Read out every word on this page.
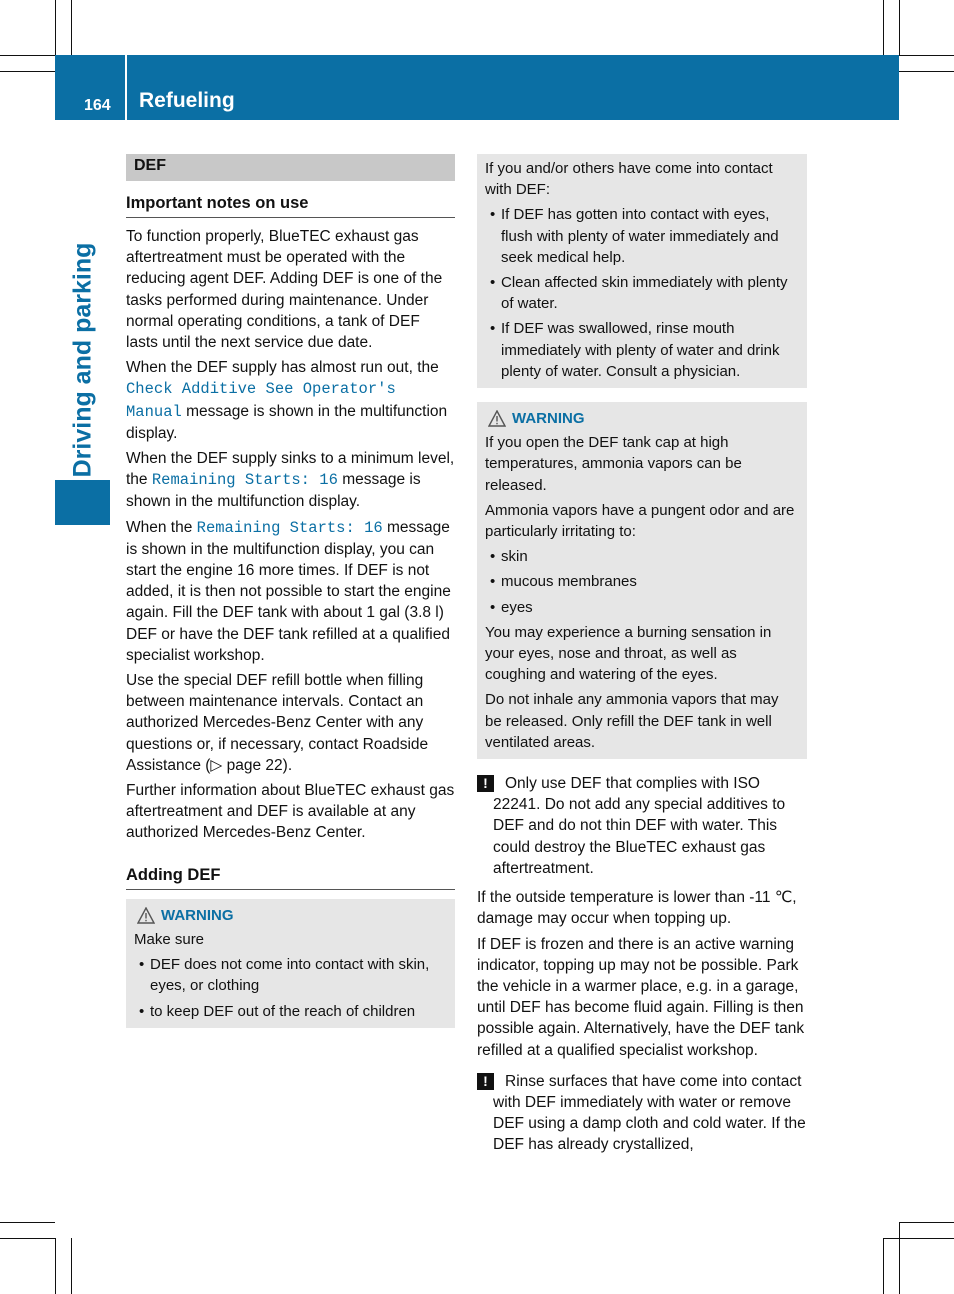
164 Refueling
Driving and parking
DEF
Important notes on use
To function properly, BlueTEC exhaust gas aftertreatment must be operated with the reducing agent DEF. Adding DEF is one of the tasks performed during maintenance. Under normal operating conditions, a tank of DEF lasts until the next service due date.
When the DEF supply has almost run out, the Check Additive See Operator's Manual message is shown in the multifunction display.
When the DEF supply sinks to a minimum level, the Remaining Starts: 16 message is shown in the multifunction display.
When the Remaining Starts: 16 message is shown in the multifunction display, you can start the engine 16 more times. If DEF is not added, it is then not possible to start the engine again. Fill the DEF tank with about 1 gal (3.8 l) DEF or have the DEF tank refilled at a qualified specialist workshop.
Use the special DEF refill bottle when filling between maintenance intervals. Contact an authorized Mercedes-Benz Center with any questions or, if necessary, contact Roadside Assistance (▷ page 22).
Further information about BlueTEC exhaust gas aftertreatment and DEF is available at any authorized Mercedes-Benz Center.
Adding DEF
WARNING
Make sure
• DEF does not come into contact with skin, eyes, or clothing
• to keep DEF out of the reach of children
If you and/or others have come into contact with DEF:
• If DEF has gotten into contact with eyes, flush with plenty of water immediately and seek medical help.
• Clean affected skin immediately with plenty of water.
• If DEF was swallowed, rinse mouth immediately with plenty of water and drink plenty of water. Consult a physician.
WARNING
If you open the DEF tank cap at high temperatures, ammonia vapors can be released.
Ammonia vapors have a pungent odor and are particularly irritating to:
• skin
• mucous membranes
• eyes
You may experience a burning sensation in your eyes, nose and throat, as well as coughing and watering of the eyes.
Do not inhale any ammonia vapors that may be released. Only refill the DEF tank in well ventilated areas.
!	Only use DEF that complies with ISO 22241. Do not add any special additives to DEF and do not thin DEF with water. This could destroy the BlueTEC exhaust gas aftertreatment.
If the outside temperature is lower than -11 ℃, damage may occur when topping up.
If DEF is frozen and there is an active warning indicator, topping up may not be possible. Park the vehicle in a warmer place, e.g. in a garage, until DEF has become fluid again. Filling is then possible again. Alternatively, have the DEF tank refilled at a qualified specialist workshop.
!	Rinse surfaces that have come into contact with DEF immediately with water or remove DEF using a damp cloth and cold water. If the DEF has already crystallized,
